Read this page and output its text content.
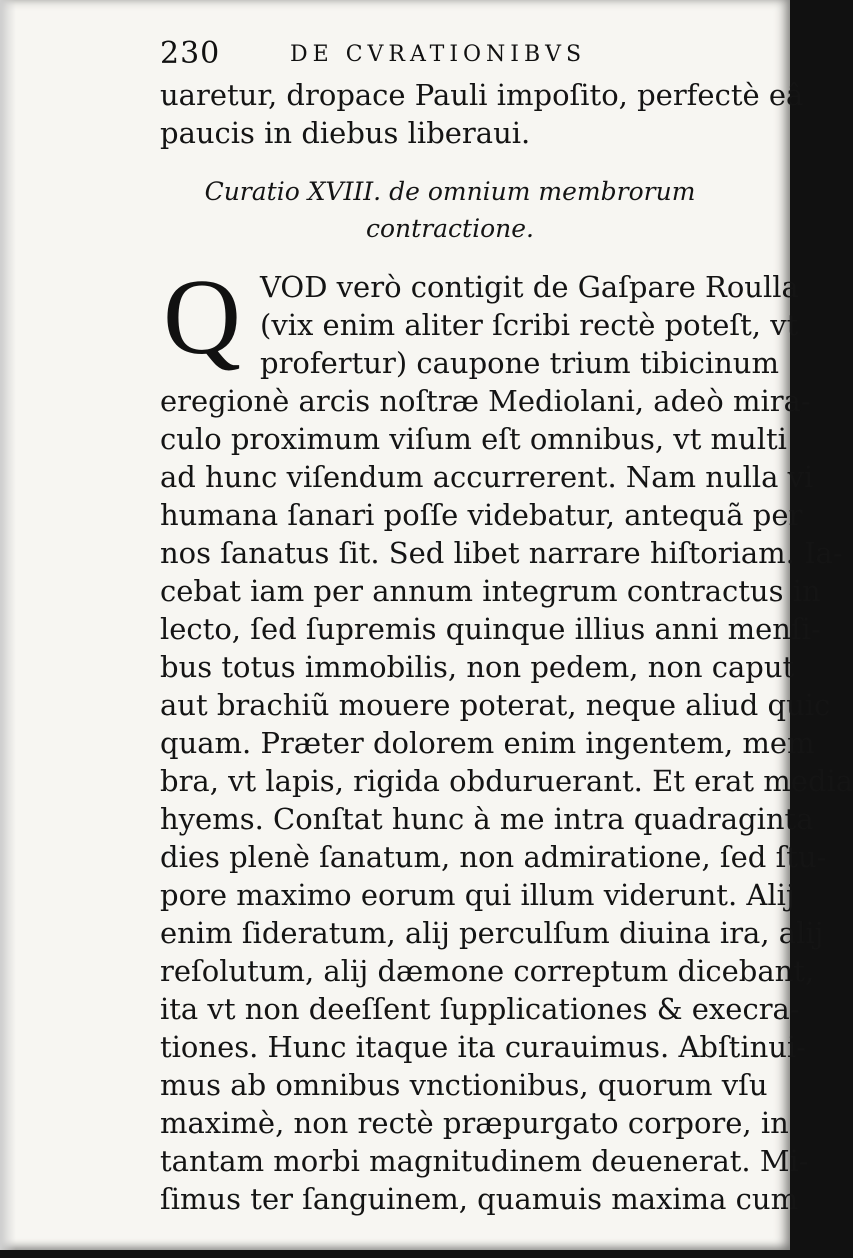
230	DE CVRATIONIBVS
uaretur, dropace Pauli impoſito, perfectè eâ
paucis in diebus liberaui.
Curatio XVIII. de omnium membrorum
contractione.
Q VOD verò contigit de Gaſpare Roulla
(vix enim aliter ſcribi rectè poteſt, vt
profertur) caupone trium tibicinum
eregionè arcis noſtræ Mediolani, adeò mira-
culo proximum viſum eſt omnibus, vt multi
ad hunc viſendum accurrerent. Nam nulla vi
humana ſanari poſſe videbatur, antequã per
nos ſanatus ſit. Sed libet narrare hiſtoriam. Ia-
cebat iam per annum integrum contractus in
lecto, ſed ſupremis quinque illius anni menſi-
bus totus immobilis, non pedem, non caput
aut brachiũ mouere poterat, neque aliud quic
quam. Præter dolorem enim ingentem, mem
bra, vt lapis, rigida obduruerant. Et erat media
hyems. Conſtat hunc à me intra quadraginta
dies plenè ſanatum, non admiratione, ſed ſtu-
pore maximo eorum qui illum viderunt. Alij
enim ſideratum, alij perculſum diuina ira, alij
reſolutum, alij dæmone correptum dicebant,
ita vt non deeſſent ſupplicationes & execra-
tiones. Hunc itaque ita curauimus. Abſtinui-
mus ab omnibus vnctionibus, quorum vſu
maximè, non rectè præpurgato corpore, in
tantam morbi magnitudinem deuenerat. Mi-
ſimus ter ſanguinem, quamuis maxima cum
